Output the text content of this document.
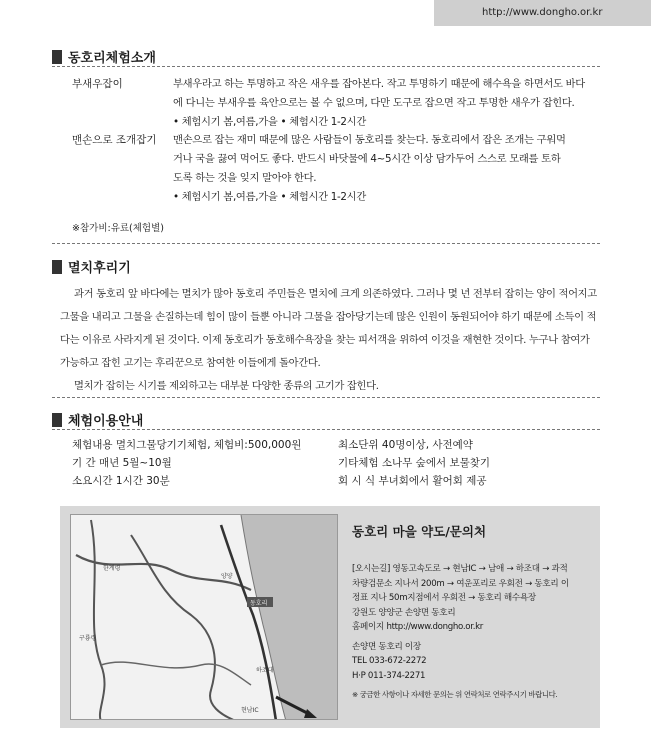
http://www.dongho.or.kr
동호리체험소개
부새우잡이	부새우라고 하는 투명하고 작은 새우를 잡아본다. 작고 투명하기 때문에 해수욕을 하면서도 바다
에 다니는 부새우를 육안으로는 볼 수 없으며, 다만 도구로 잡으면 작고 투명한 새우가 잡힌다.
• 체험시기 봄,여름,가을 • 체험시간 1-2시간
맨손으로 조개잡기 맨손으로 잡는 재미 때문에 많은 사람들이 동호리를 찾는다. 동호리에서 잡은 조개는 구워먹
거나 국을 끓여 먹어도 좋다. 반드시 바닷물에 4~5시간 이상 담가두어 스스로 모래를 토하
도록 하는 것을 잊지 말아야 한다.
• 체험시기 봄,여름,가을 • 체험시간 1-2시간
※참가비:유료(체험별)
멸치후리기

과거 동호리 앞 바다에는 멸치가 많아 동호리 주민들은 멸치에 크게 의존하였다. 그러나 몇 년 전부터 잡히는 양이 적어지고 그물을 내리고 그물을 손질하는데 힘이 많이 들뿐 아니라 그물을 잡아당기는데 많은 인원이 동원되어야 하기 때문에 소득이 적다는 이유로 사라지게 된 것이다. 이제 동호리가 동호해수욕장을 찾는 피서객을 위하여 이것을 재현한 것이다. 누구나 참여가 가능하고 잡힌 고기는 후리꾼으로 참여한 이들에게 돌아간다.

멸치가 잡히는 시기를 제외하고는 대부분 다양한 종류의 고기가 잡힌다.

체험이용안내
체험내용 멸치그물당기기체험, 체험비:500,000원
기 간 매년 5월~10월
소요시간 1시간 30분
최소단위 40명이상, 사전예약
기타체험 소나무 숲에서 보물찾기
회 시 식 부녀회에서 활어회 제공
한계령
구룡령
동호리
양양
하조대
현남IC
동호리 마을 약도/문의처
[오시는길] 영동고속도로 → 현남IC → 남애 → 하조대 → 과적
차량검문소 지나서 200m → 여운포리로 우회전 → 동호리 이
정표 지나 50m지점에서 우회전 → 동호리 해수욕장
강원도 양양군 손양면 동호리
홈페이지 http://www.dongho.or.kr
손양면 동호리 이장
TEL 033-672-2272
H·P 011-374-2271
※ 궁금한 사항이나 자세한 문의는 위 연락처로 연락주시기 바랍니다.
